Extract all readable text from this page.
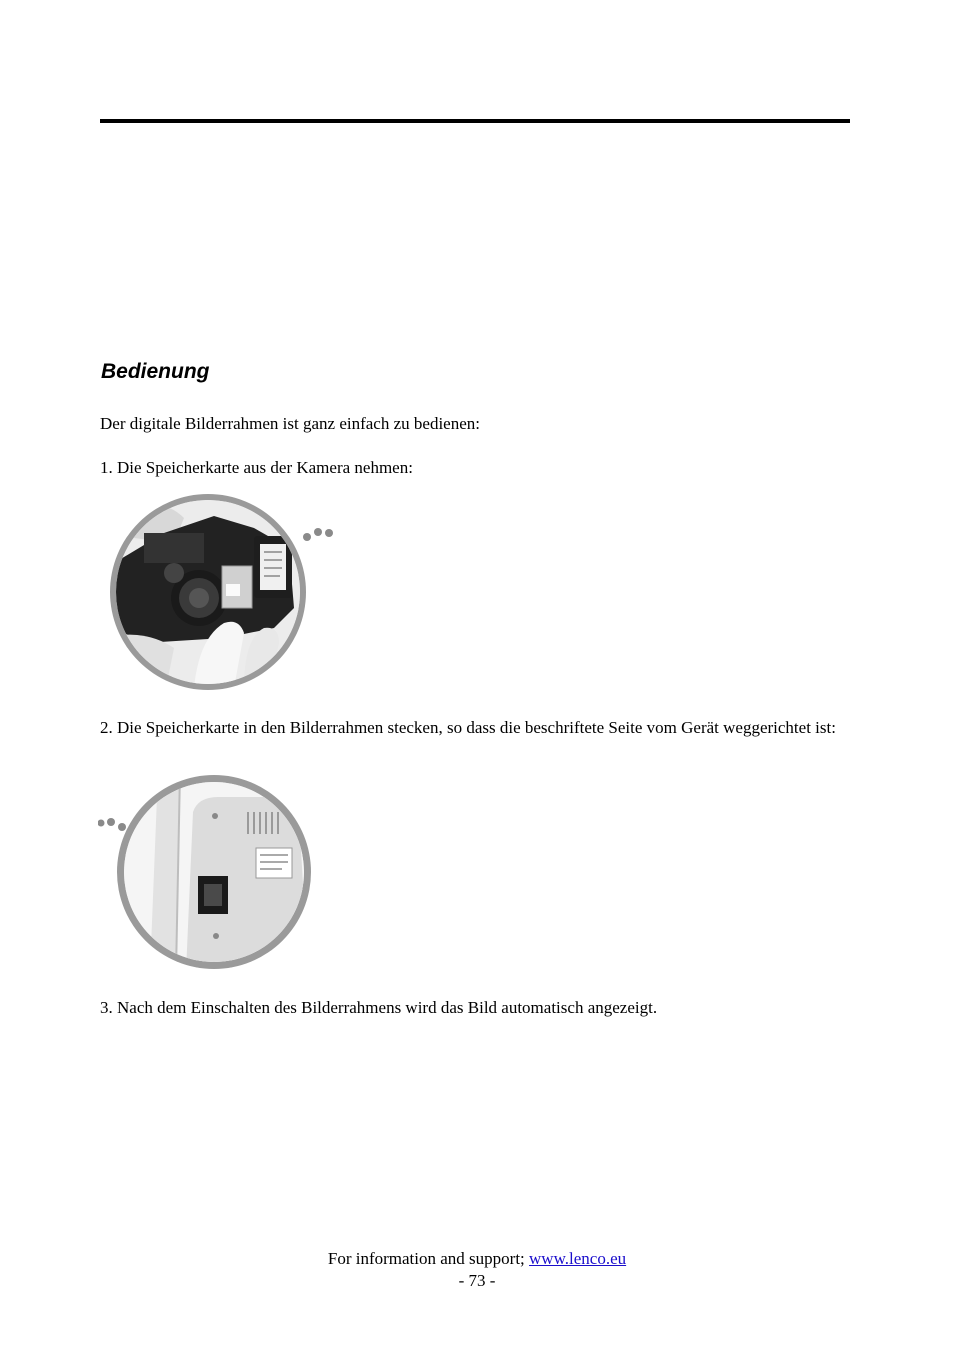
Bedienung

Der digitale Bilderrahmen ist ganz einfach zu bedienen:

1. Die Speicherkarte aus der Kamera nehmen:

2. Die Speicherkarte in den Bilderrahmen stecken, so dass die beschriftete Seite vom Gerät weggerichtet ist:

3. Nach dem Einschalten des Bilderrahmens wird das Bild automatisch angezeigt.

For information and support; www.lenco.eu

- 73 -
